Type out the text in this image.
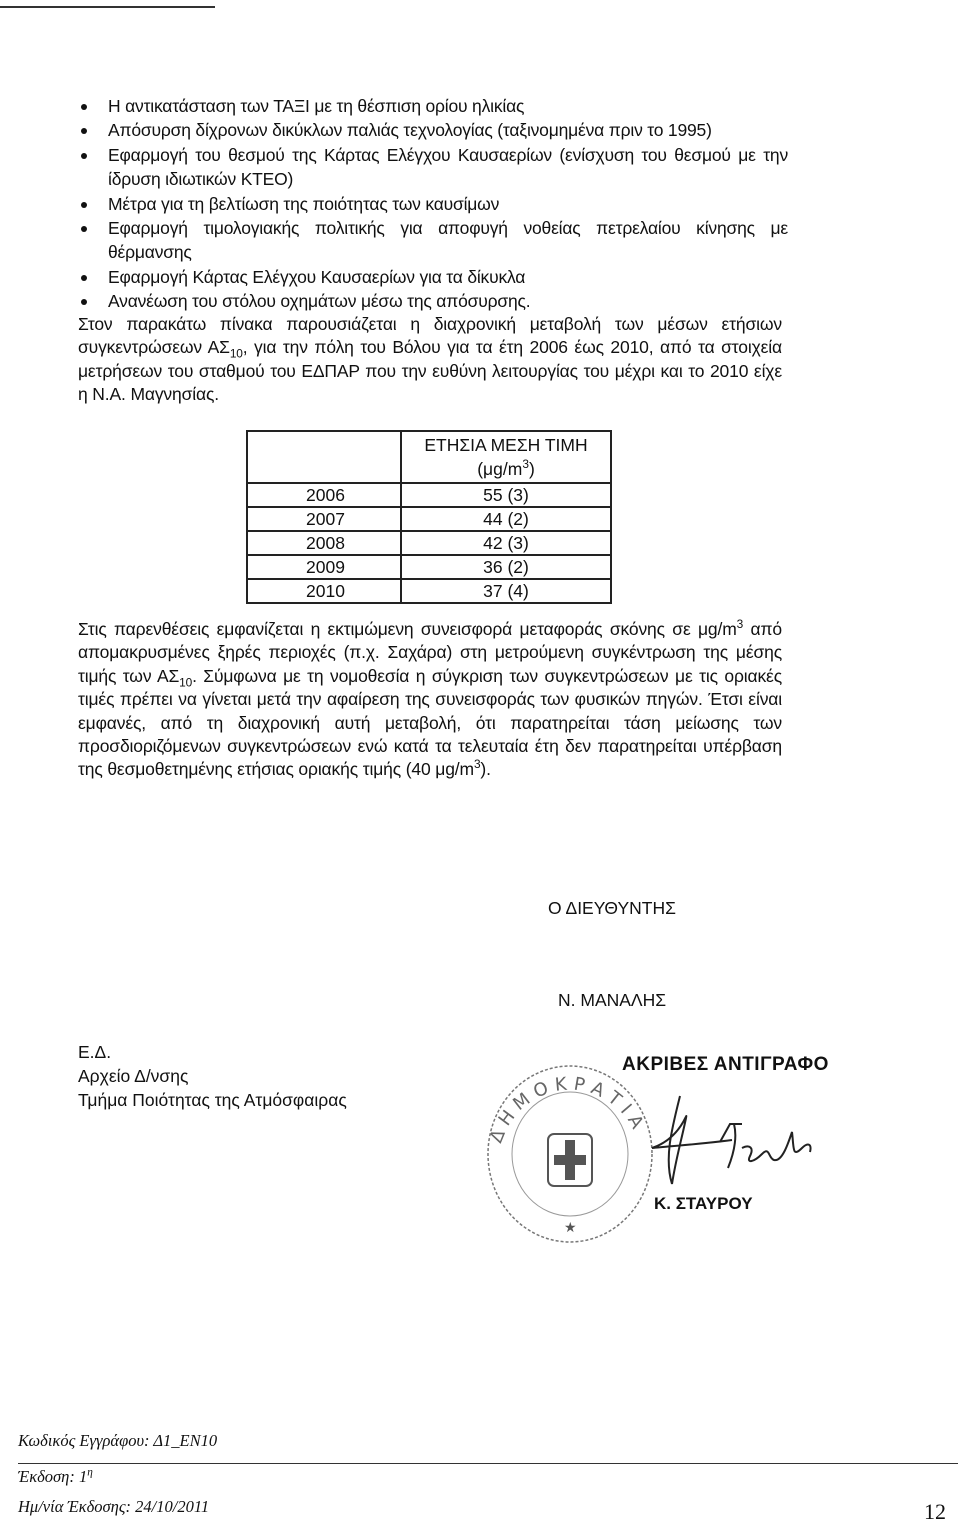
Η αντικατάσταση των ΤΑΞΙ με τη θέσπιση ορίου ηλικίας
Απόσυρση δίχρονων δικύκλων παλιάς τεχνολογίας (ταξινομημένα πριν το 1995)
Εφαρμογή του θεσμού της Κάρτας Ελέγχου Καυσαερίων (ενίσχυση του θεσμού με την ίδρυση ιδιωτικών ΚΤΕΟ)
Μέτρα για τη βελτίωση της ποιότητας των καυσίμων
Εφαρμογή τιμολογιακής πολιτικής για αποφυγή νοθείας πετρελαίου κίνησης με θέρμανσης
Εφαρμογή Κάρτας Ελέγχου Καυσαερίων για τα δίκυκλα
Ανανέωση του στόλου οχημάτων μέσω της απόσυρσης.

Στον παρακάτω πίνακα παρουσιάζεται η διαχρονική μεταβολή των μέσων ετήσιων συγκεντρώσεων $A\Sigma_{10}$, για την πόλη του Βόλου για τα έτη 2006 έως 2010, από τα στοιχεία μετρήσεων του σταθμού του ΕΔΠΑΡ που την ευθύνη λειτουργίας του μέχρι και το 2010 είχε η Ν.Α. Μαγνησίας.

	ΕΤΗΣΙΑ ΜΕΣΗ ΤΙΜΗ
$(\mu g/m^3)$
2006	55 (3)
2007	44 (2)
2008	42 (3)
2009	36 (2)
2010	37 (4)

Στις παρενθέσεις εμφανίζεται η εκτιμώμενη συνεισφορά μεταφοράς σκόνης σε $\mu g/m^3$ από απομακρυσμένες ξηρές περιοχές (π.χ. Σαχάρα) στη μετρούμενη συγκέντρωση της μέσης τιμής των $A\Sigma_{10}$. Σύμφωνα με τη νομοθεσία η σύγκριση των συγκεντρώσεων με τις οριακές τιμές πρέπει να γίνεται μετά την αφαίρεση της συνεισφοράς των φυσικών πηγών. Έτσι είναι εμφανές, από τη διαχρονική αυτή μεταβολή, ότι παρατηρείται τάση μείωσης των προσδιοριζόμενων συγκεντρώσεων ενώ κατά τα τελευταία έτη δεν παρατηρείται υπέρβαση της θεσμοθετημένης ετήσιας οριακής τιμής (40 $\mu g/m^3$).

Ο ΔΙΕΥΘΥΝΤΗΣ
Ν. ΜΑΝΑΛΗΣ
Ε.Δ.
Αρχείο Δ/νσης
Τμήμα Ποιότητας της Ατμόσφαιρας
ΔΗΜΟΚΡΑΤΙΑ
★
ΑΚΡΙΒΕΣ ΑΝΤΙΓΡΑΦΟ
Κ. ΣΤΑΥΡΟΥ
Κωδικός Εγγράφου: Δ1_ΕΝ10
Έκδοση: $1^\eta$
Ημ/νία Έκδοσης: 24/10/2011	12
